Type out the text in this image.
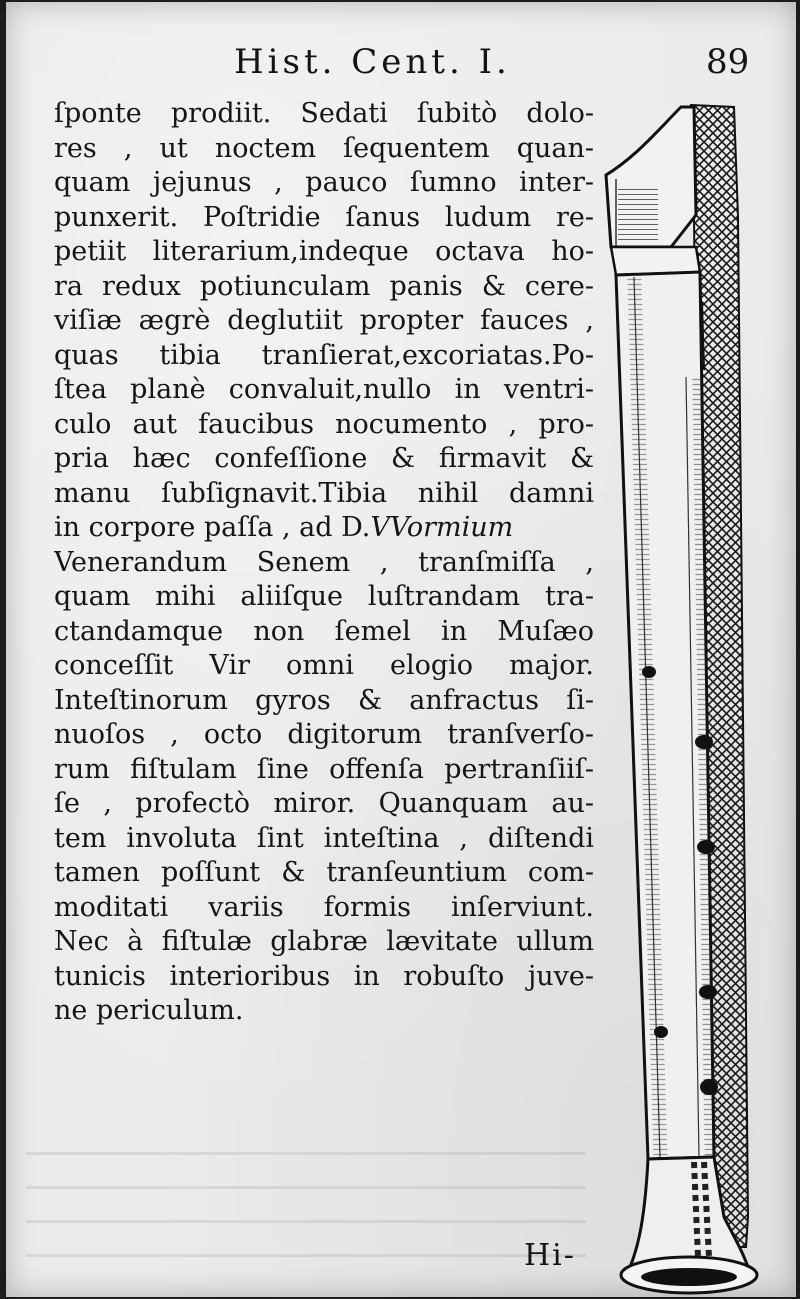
Hist. Cent. I.	89
ſponte prodiit. Sedati ſubitò dolo-
res , ut noctem ſequentem quan-
quam jejunus , pauco ſumno inter-
punxerit. Poſtridie ſanus ludum re-
petiit literarium,indeque octava ho-
ra redux potiunculam panis & cere-
viſiæ ægrè deglutiit propter fauces ,
quas tibia tranſierat,excoriatas.Po-
ſtea planè convaluit,nullo in ventri-
culo aut faucibus nocumento , pro-
pria hæc confeſſione & firmavit &
manu ſubſignavit.Tibia nihil damni
in corpore paſſa , ad D.VVormium
Venerandum Senem , tranſmiſſa ,
quam mihi aliiſque luſtrandam tra-
ctandamque non ſemel in Muſæo
conceſſit Vir omni elogio major.
Inteſtinorum gyros & anfractus ſi-
nuoſos , octo digitorum tranſverſo-
rum fiſtulam ſine offenſa pertranſiiſ-
ſe , profectò miror. Quanquam au-
tem involuta ſint inteſtina , diſtendi
tamen poſſunt & tranſeuntium com-
moditati variis formis inſerviunt.
Nec à fiſtulæ glabræ lævitate ullum
tunicis interioribus in robuſto juve-
ne periculum.
Hi-
